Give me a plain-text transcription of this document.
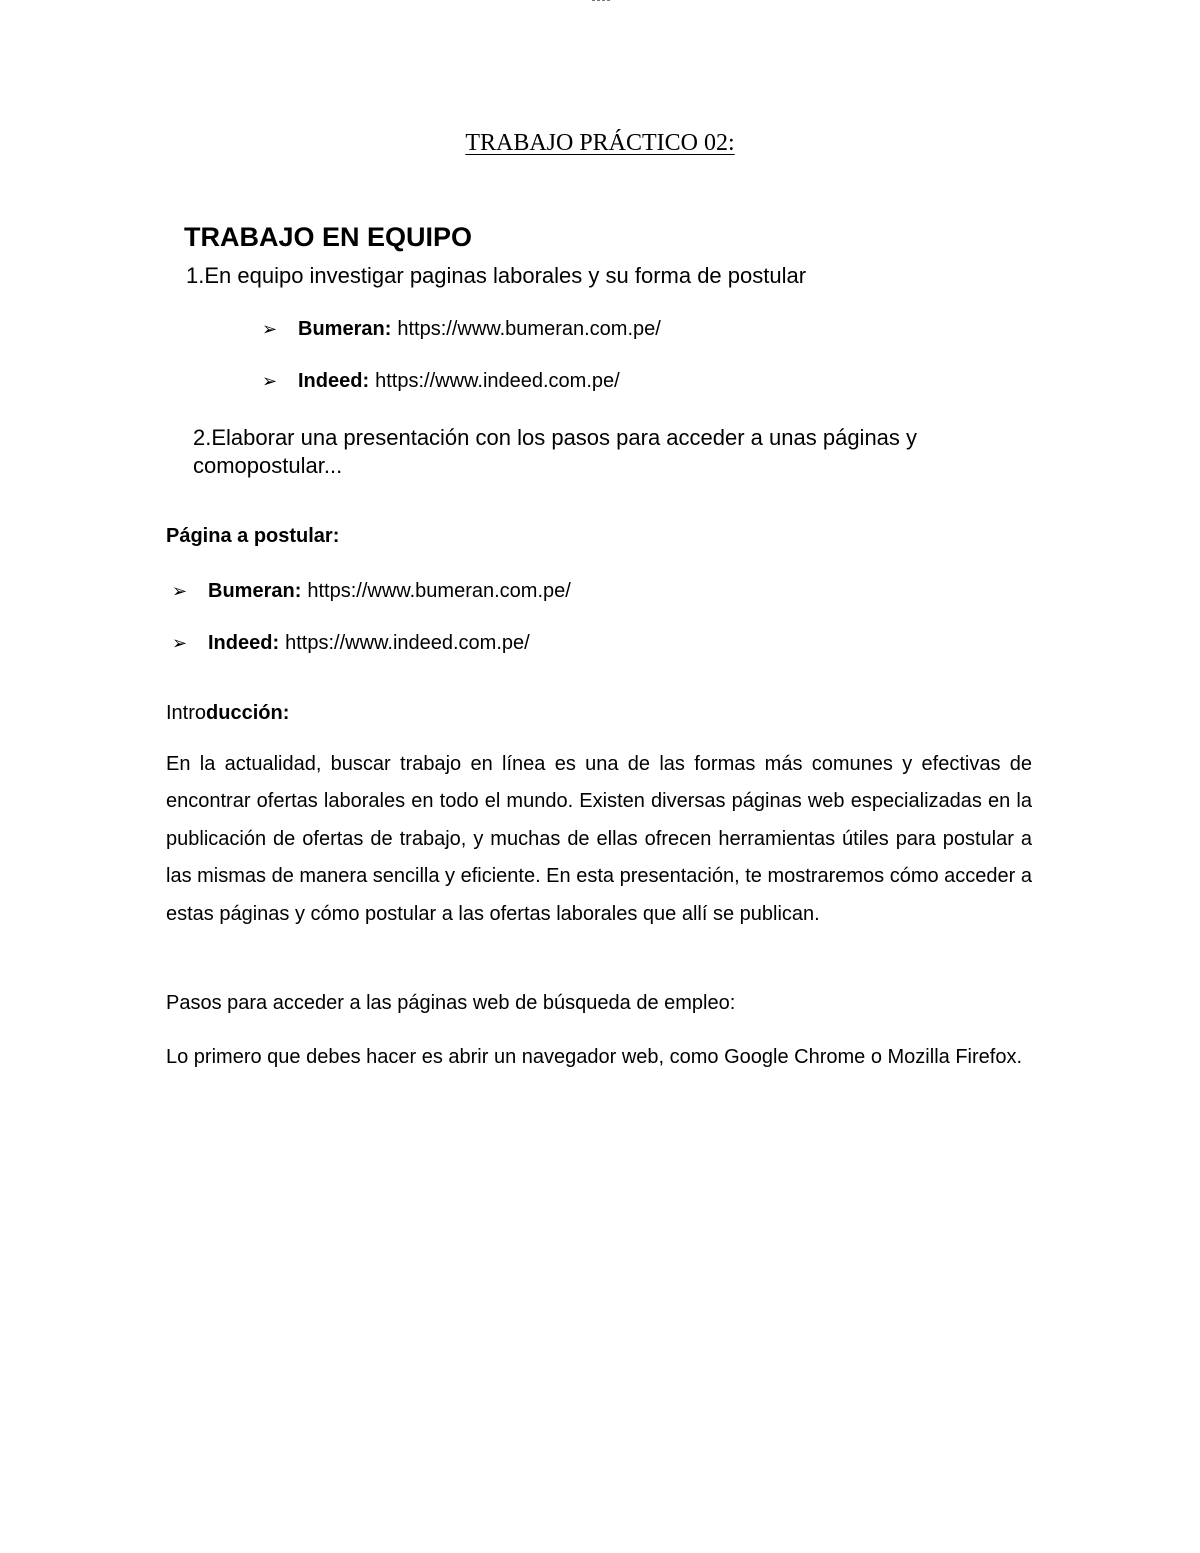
TRABAJO PRÁCTICO 02:
TRABAJO EN EQUIPO
1.En equipo investigar paginas laborales y su forma de postular
➢	Bumeran: https://www.bumeran.com.pe/
➢	Indeed: https://www.indeed.com.pe/
2.Elaborar una presentación con los pasos para acceder a unas páginas y comopostular...
Página a postular:
➢	Bumeran: https://www.bumeran.com.pe/
➢	Indeed: https://www.indeed.com.pe/
Introducción:
En la actualidad, buscar trabajo en línea es una de las formas más comunes y efectivas de encontrar ofertas laborales en todo el mundo. Existen diversas páginas web especializadas en la publicación de ofertas de trabajo, y muchas de ellas ofrecen herramientas útiles para postular a las mismas de manera sencilla y eficiente. En esta presentación, te mostraremos cómo acceder a estas páginas y cómo postular a las ofertas laborales que allí se publican.
Pasos para acceder a las páginas web de búsqueda de empleo:
Lo primero que debes hacer es abrir un navegador web, como Google Chrome o Mozilla Firefox.
